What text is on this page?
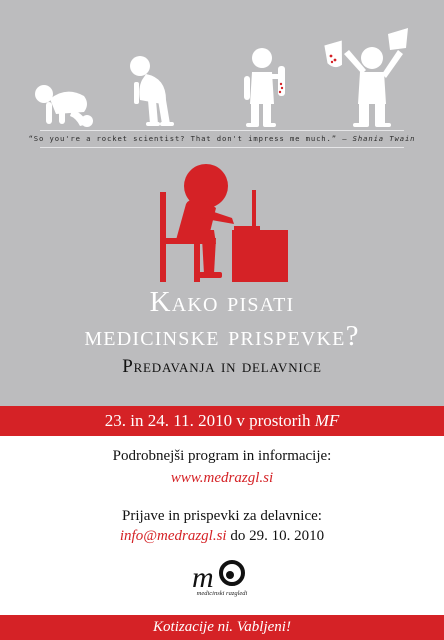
“So you're a rocket scientist? That don't impress me much.” — Shania Twain
Kako pisati
medicinske prispevke?
Predavanja in delavnice
23. in 24. 11. 2010 v prostorih MF
Podrobnejši program in informacije:
www.medrazgl.si
Prijave in prispevki za delavnice:
info@medrazgl.si do 29. 10. 2010
m
medicinski razgledi
Kotizacije ni. Vabljeni!
